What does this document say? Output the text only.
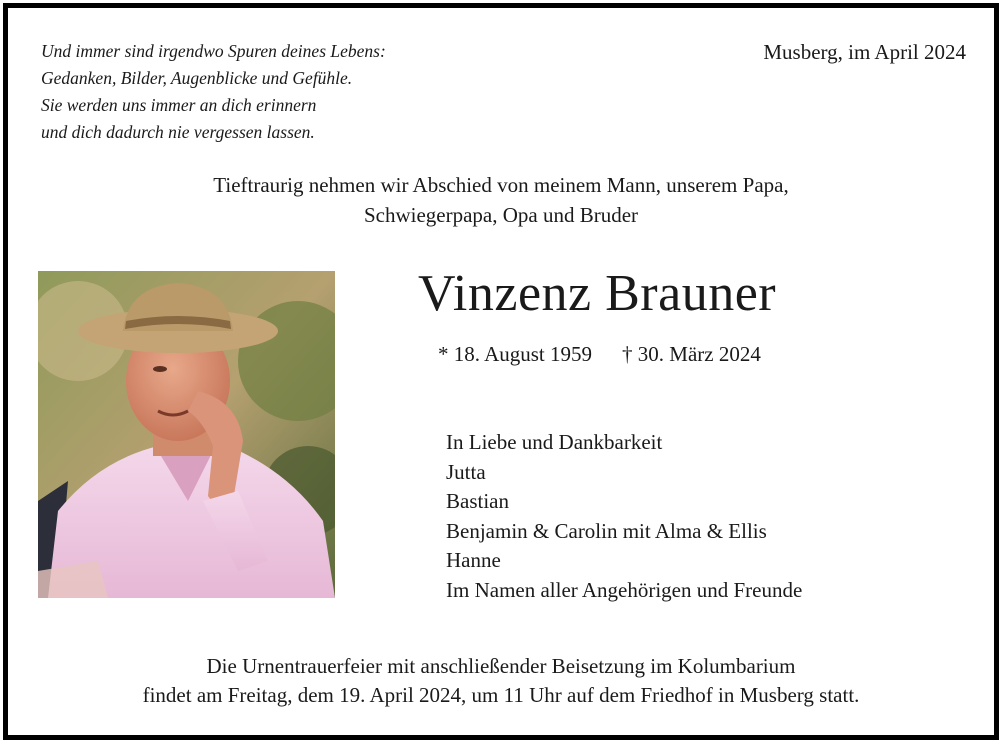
Und immer sind irgendwo Spuren deines Lebens:
Gedanken, Bilder, Augenblicke und Gefühle.
Sie werden uns immer an dich erinnern
und dich dadurch nie vergessen lassen.
Musberg, im April 2024
Tieftraurig nehmen wir Abschied von meinem Mann, unserem Papa,
Schwiegerpapa, Opa und Bruder
Vinzenz Brauner
* 18. August 1959 † 30. März 2024
In Liebe und Dankbarkeit
Jutta
Bastian
Benjamin & Carolin mit Alma & Ellis
Hanne
Im Namen aller Angehörigen und Freunde
Die Urnentrauerfeier mit anschließender Beisetzung im Kolumbarium
findet am Freitag, dem 19. April 2024, um 11 Uhr auf dem Friedhof in Musberg statt.
